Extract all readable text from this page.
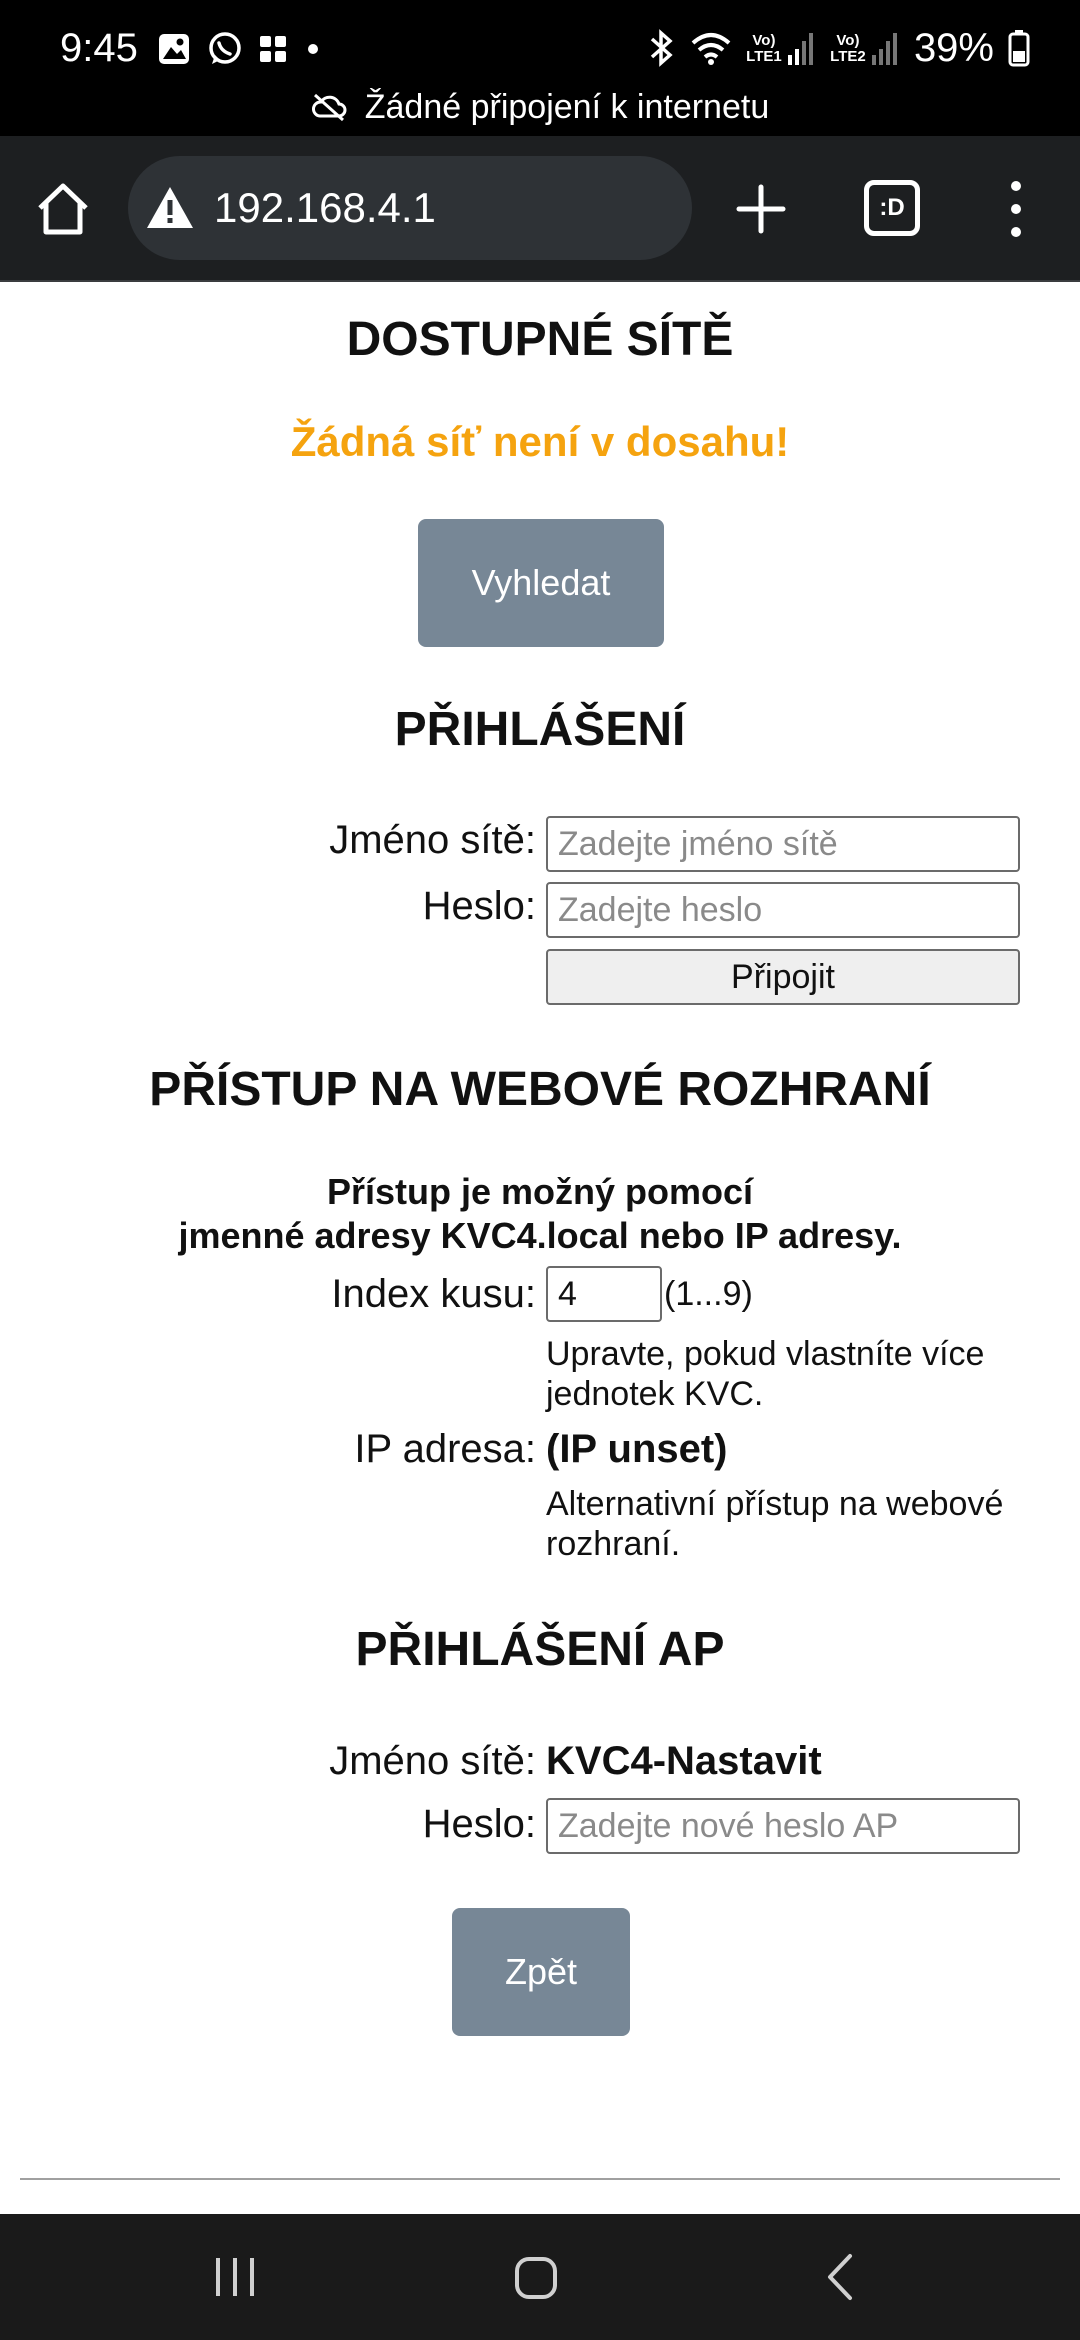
9:45	Vo) LTE1
Vo) LTE2 39%
Žádné připojení k internetu
192.168.4.1	:D
DOSTUPNÉ SÍTĚ
Žádná síť není v dosahu!
Vyhledat
PŘIHLÁŠENÍ
Jméno sítě:
Zadejte jméno sítě
Heslo:
Připojit
PŘÍSTUP NA WEBOVÉ ROZHRANÍ
Přístup je možný pomocí
jmenné adresy KVC4.local nebo IP adresy.
Index kusu:
4	(1...9)
Upravte, pokud vlastníte více jednotek KVC.
IP adresa: (IP unset)
Alternativní přístup na webové rozhraní.
PŘIHLÁŠENÍ AP
Jméno sítě: KVC4-Nastavit
Heslo:
Zpět
